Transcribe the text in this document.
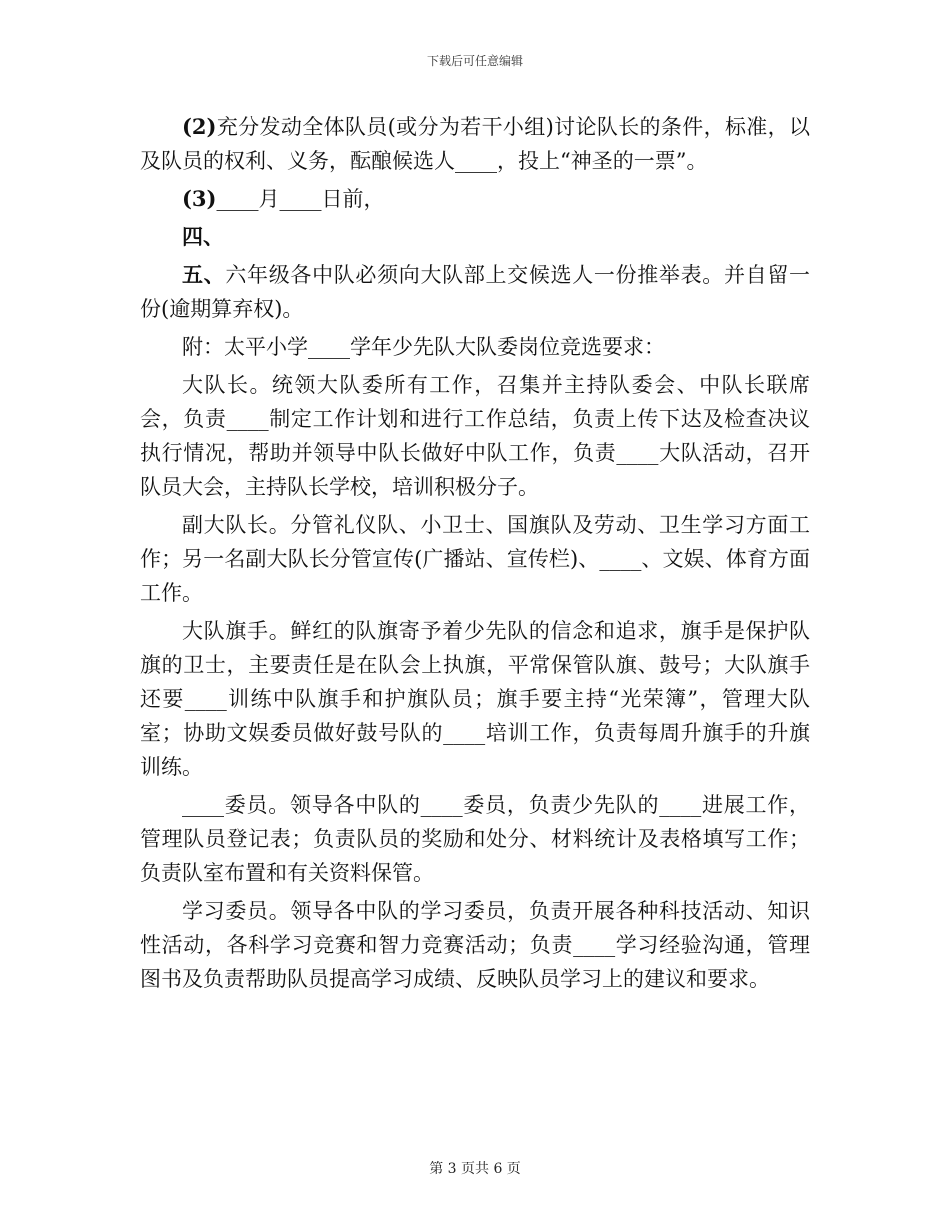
下载后可任意编辑

(2)充分发动全体队员(或分为若干小组)讨论队长的条件，标准，以及队员的权利、义务，酝酿候选人____，投上“神圣的一票”。

(3)____月____日前，

四、

五、六年级各中队必须向大队部上交候选人一份推举表。并自留一份(逾期算弃权)。

附：太平小学____学年少先队大队委岗位竞选要求：

大队长。统领大队委所有工作，召集并主持队委会、中队长联席会，负责____制定工作计划和进行工作总结，负责上传下达及检查决议执行情况，帮助并领导中队长做好中队工作，负责____大队活动，召开队员大会，主持队长学校，培训积极分子。

副大队长。分管礼仪队、小卫士、国旗队及劳动、卫生学习方面工作；另一名副大队长分管宣传(广播站、宣传栏)、____、文娱、体育方面工作。

大队旗手。鲜红的队旗寄予着少先队的信念和追求，旗手是保护队旗的卫士，主要责任是在队会上执旗，平常保管队旗、鼓号；大队旗手还要____训练中队旗手和护旗队员；旗手要主持“光荣簿”，管理大队室；协助文娱委员做好鼓号队的____培训工作，负责每周升旗手的升旗训练。

____委员。领导各中队的____委员，负责少先队的____进展工作，管理队员登记表；负责队员的奖励和处分、材料统计及表格填写工作；负责队室布置和有关资料保管。

学习委员。领导各中队的学习委员，负责开展各种科技活动、知识性活动，各科学习竞赛和智力竞赛活动；负责____学习经验沟通，管理图书及负责帮助队员提高学习成绩、反映队员学习上的建议和要求。

第 3 页共 6 页
